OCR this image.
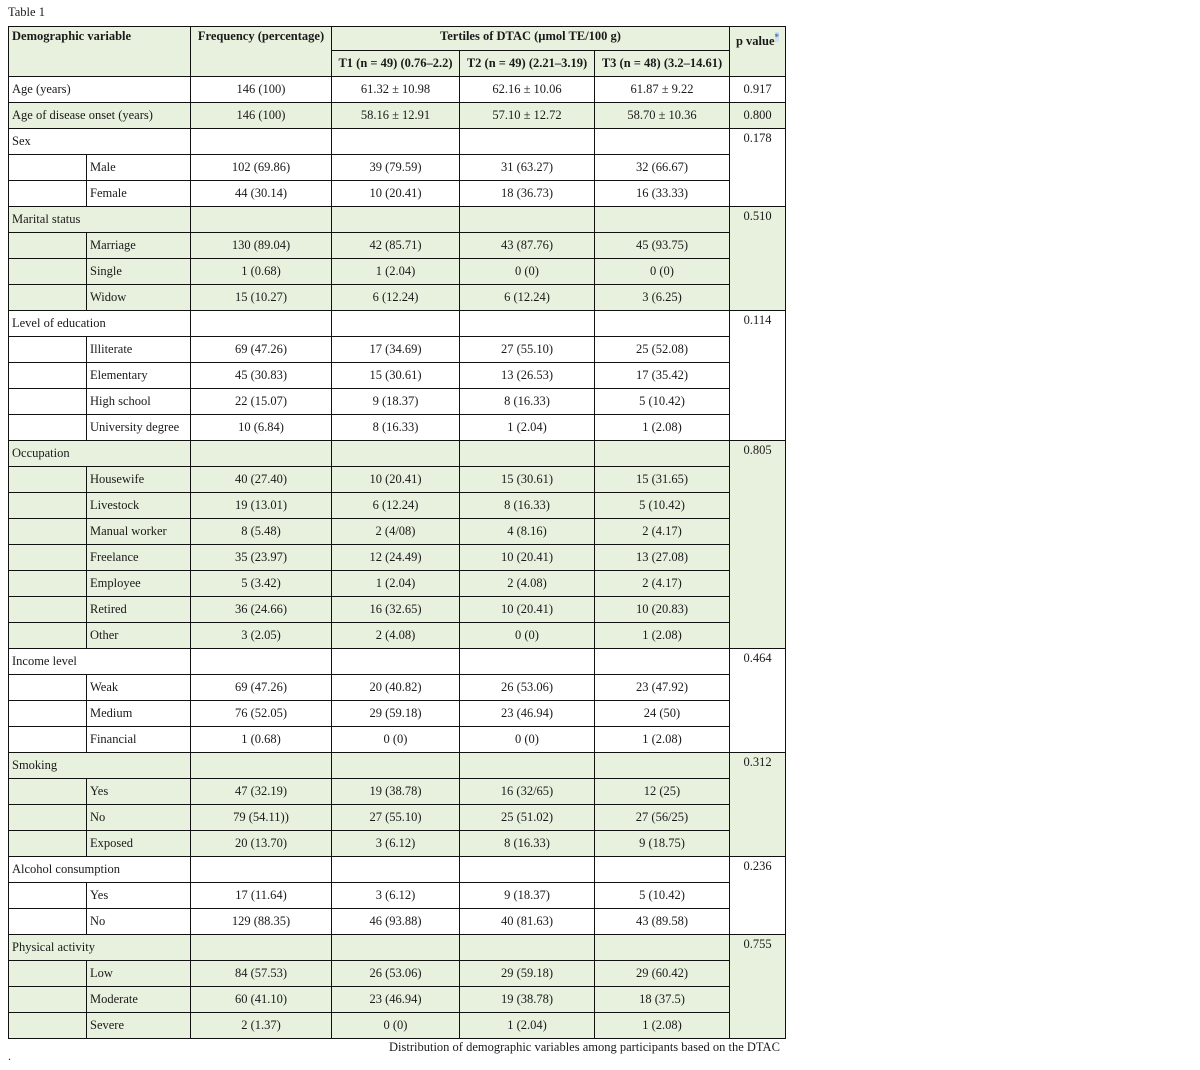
Table 1
Demographic variable		Frequency (percentage)	Tertiles of DTAC (µmol TE/100 g)			p value*
			T1 (n = 49) (0.76–2.2)	T2 (n = 49) (2.21–3.19)	T3 (n = 48) (3.2–14.61)	
Age (years)		146 (100)	61.32 ± 10.98	62.16 ± 10.06	61.87 ± 9.22	0.917
Age of disease onset (years)		146 (100)	58.16 ± 12.91	57.10 ± 12.72	58.70 ± 10.36	0.800
Sex						0.178
	Male	102 (69.86)	39 (79.59)	31 (63.27)	32 (66.67)	
	Female	44 (30.14)	10 (20.41)	18 (36.73)	16 (33.33)	
Marital status						0.510
	Marriage	130 (89.04)	42 (85.71)	43 (87.76)	45 (93.75)	
	Single	1 (0.68)	1 (2.04)	0 (0)	0 (0)	
	Widow	15 (10.27)	6 (12.24)	6 (12.24)	3 (6.25)	
Level of education						0.114
	Illiterate	69 (47.26)	17 (34.69)	27 (55.10)	25 (52.08)	
	Elementary	45 (30.83)	15 (30.61)	13 (26.53)	17 (35.42)	
	High school	22 (15.07)	9 (18.37)	8 (16.33)	5 (10.42)	
	University degree	10 (6.84)	8 (16.33)	1 (2.04)	1 (2.08)	
Occupation						0.805
	Housewife	40 (27.40)	10 (20.41)	15 (30.61)	15 (31.65)	
	Livestock	19 (13.01)	6 (12.24)	8 (16.33)	5 (10.42)	
	Manual worker	8 (5.48)	2 (4/08)	4 (8.16)	2 (4.17)	
	Freelance	35 (23.97)	12 (24.49)	10 (20.41)	13 (27.08)	
	Employee	5 (3.42)	1 (2.04)	2 (4.08)	2 (4.17)	
	Retired	36 (24.66)	16 (32.65)	10 (20.41)	10 (20.83)	
	Other	3 (2.05)	2 (4.08)	0 (0)	1 (2.08)	
Income level						0.464
	Weak	69 (47.26)	20 (40.82)	26 (53.06)	23 (47.92)	
	Medium	76 (52.05)	29 (59.18)	23 (46.94)	24 (50)	
	Financial	1 (0.68)	0 (0)	0 (0)	1 (2.08)	
Smoking						0.312
	Yes	47 (32.19)	19 (38.78)	16 (32/65)	12 (25)	
	No	79 (54.11))	27 (55.10)	25 (51.02)	27 (56/25)	
	Exposed	20 (13.70)	3 (6.12)	8 (16.33)	9 (18.75)	
Alcohol consumption						0.236
	Yes	17 (11.64)	3 (6.12)	9 (18.37)	5 (10.42)	
	No	129 (88.35)	46 (93.88)	40 (81.63)	43 (89.58)	
Physical activity						0.755
	Low	84 (57.53)	26 (53.06)	29 (59.18)	29 (60.42)	
	Moderate	60 (41.10)	23 (46.94)	19 (38.78)	18 (37.5)	
	Severe	2 (1.37)	0 (0)	1 (2.04)	1 (2.08)	
Distribution of demographic variables among participants based on the DTAC
.
